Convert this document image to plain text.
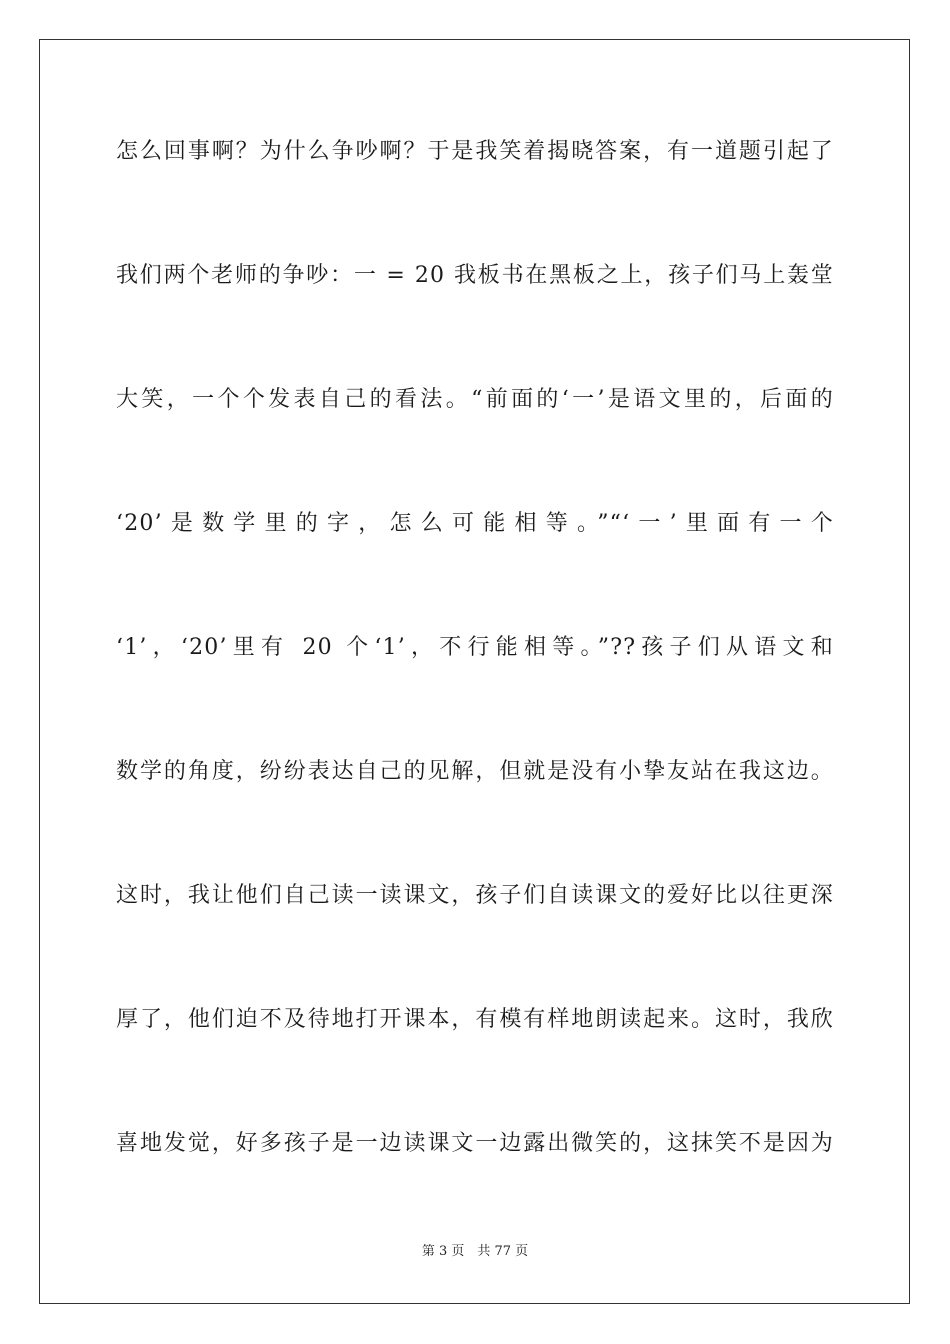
怎么回事啊？为什么争吵啊？于是我笑着揭晓答案，有一道题引起了
我们两个老师的争吵：一 = 20 我板书在黑板之上，孩子们马上轰堂
大笑，一个个发表自己的看法。“前面的‘一’是语文里的，后面的
‘20’是数学里的字，怎么可能相等。”“‘一’里面有一个
‘1’，‘20’里有 20 个‘1’，不行能相等。”??孩子们从语文和
数学的角度，纷纷表达自己的见解，但就是没有小挚友站在我这边。
这时，我让他们自己读一读课文，孩子们自读课文的爱好比以往更深
厚了，他们迫不及待地打开课本，有模有样地朗读起来。这时，我欣
喜地发觉，好多孩子是一边读课文一边露出微笑的，这抹笑不是因为
第 3 页　共 77 页
